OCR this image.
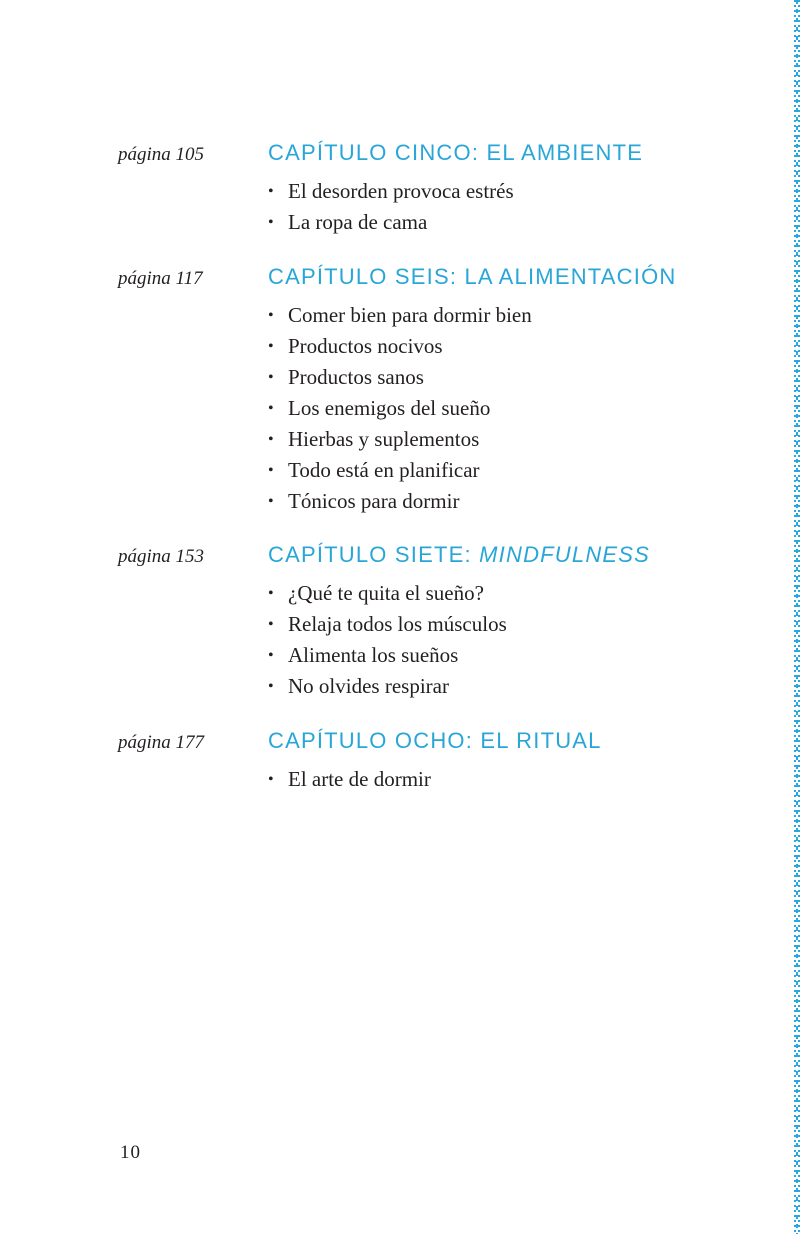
página 105	CAPÍTULO CINCO: EL AMBIENTE
• El desorden provoca estrés
• La ropa de cama
página 117	CAPÍTULO SEIS: LA ALIMENTACIÓN
• Comer bien para dormir bien
• Productos nocivos
• Productos sanos
• Los enemigos del sueño
• Hierbas y suplementos
• Todo está en planificar
• Tónicos para dormir
página 153	CAPÍTULO SIETE: MINDFULNESS
• ¿Qué te quita el sueño?
• Relaja todos los músculos
• Alimenta los sueños
• No olvides respirar
página 177	CAPÍTULO OCHO: EL RITUAL
• El arte de dormir
10
